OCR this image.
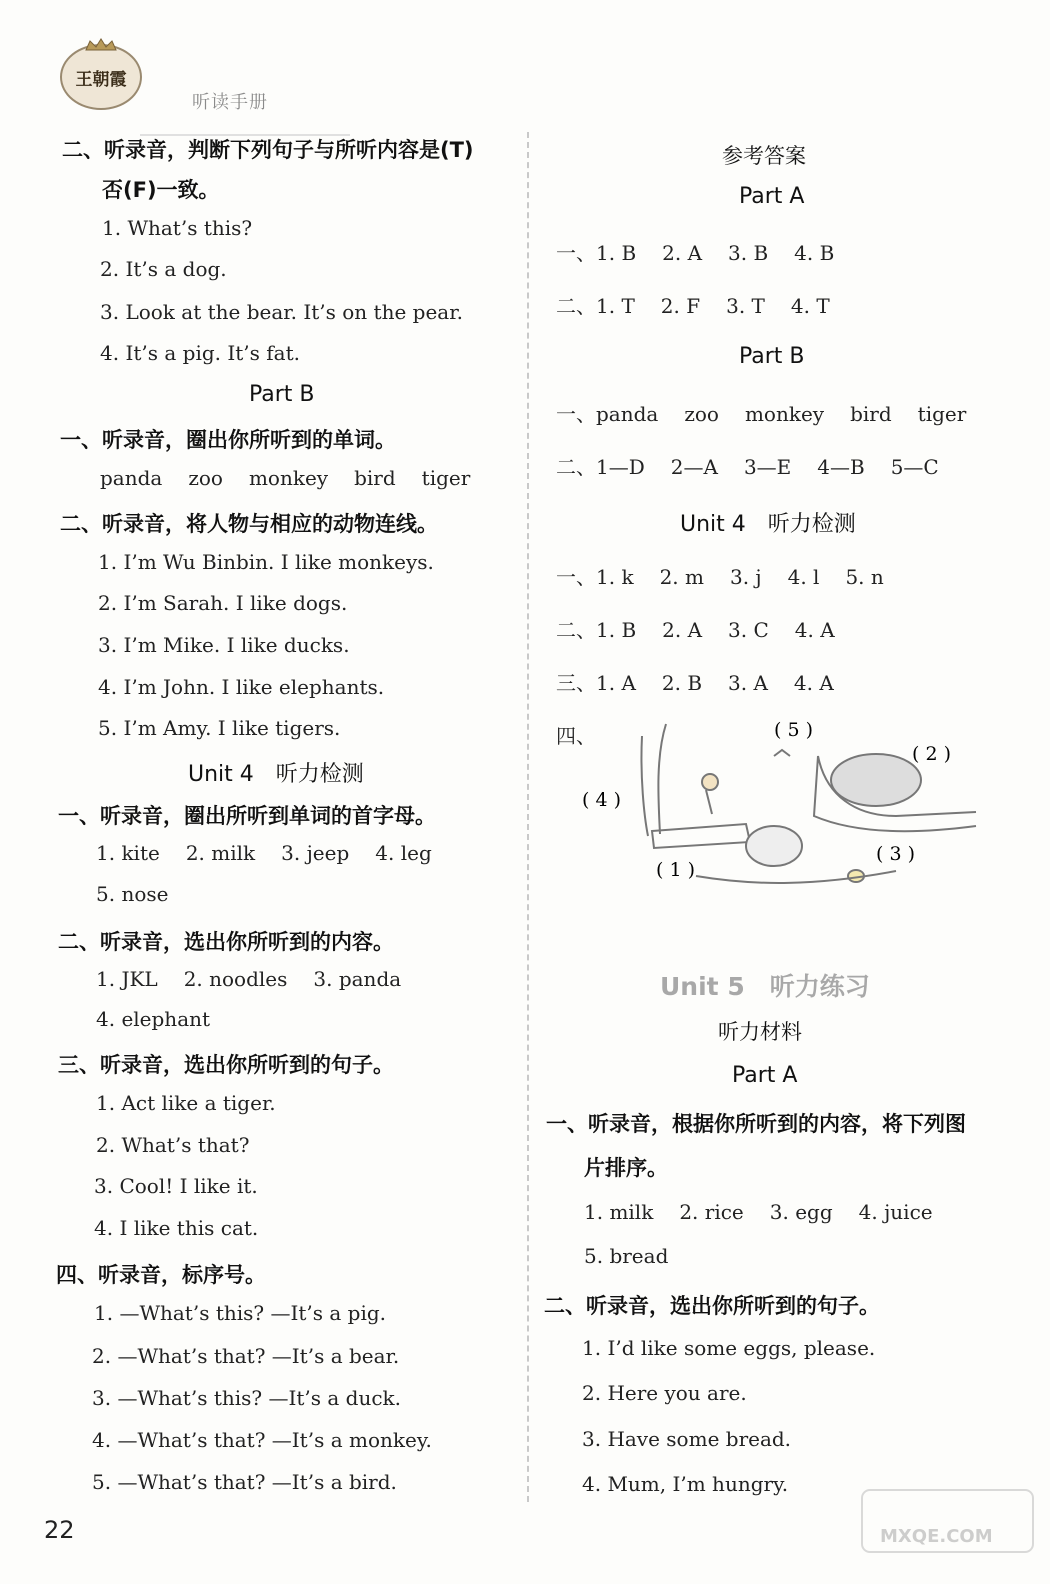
王朝霞
听读手册
二、听录音，判断下列句子与所听内容是(T)
否(F)一致。
1. What’s this?
2. It’s a dog.
3. Look at the bear. It’s on the pear.
4. It’s a pig. It’s fat.
Part B
一、听录音，圈出你所听到的单词。
panda zoo monkey bird tiger
二、听录音，将人物与相应的动物连线。
1. I’m Wu Binbin. I like monkeys.
2. I’m Sarah. I like dogs.
3. I’m Mike. I like ducks.
4. I’m John. I like elephants.
5. I’m Amy. I like tigers.
Unit 4　听力检测
一、听录音，圈出所听到单词的首字母。
1. kite 2. milk 3. jeep 4. leg
5. nose
二、听录音，选出你所听到的内容。
1. JKL 2. noodles 3. panda
4. elephant
三、听录音，选出你所听到的句子。
1. Act like a tiger.
2. What’s that?
3. Cool! I like it.
4. I like this cat.
四、听录音，标序号。
1. —What’s this? —It’s a pig.
2. —What’s that? —It’s a bear.
3. —What’s this? —It’s a duck.
4. —What’s that? —It’s a monkey.
5. —What’s that? —It’s a bird.
参考答案
Part A
一、1. B 2. A 3. B 4. B
二、1. T 2. F 3. T 4. T
Part B
一、panda zoo monkey bird tiger
二、1—D 2—A 3—E 4—B 5—C
Unit 4　听力检测
一、1. k 2. m 3. j 4. l 5. n
二、1. B 2. A 3. C 4. A
三、1. A 2. B 3. A 4. A
四、	( 5 )
( 2 )
( 4 )
( 1 )
( 3 )
Unit 5　听力练习
听力材料
Part A
一、听录音，根据你所听到的内容，将下列图
片排序。
1. milk 2. rice 3. egg 4. juice
5. bread
二、听录音，选出你所听到的句子。
1. I’d like some eggs, please.
2. Here you are.
3. Have some bread.
4. Mum, I’m hungry.
22	MXQE.COM
